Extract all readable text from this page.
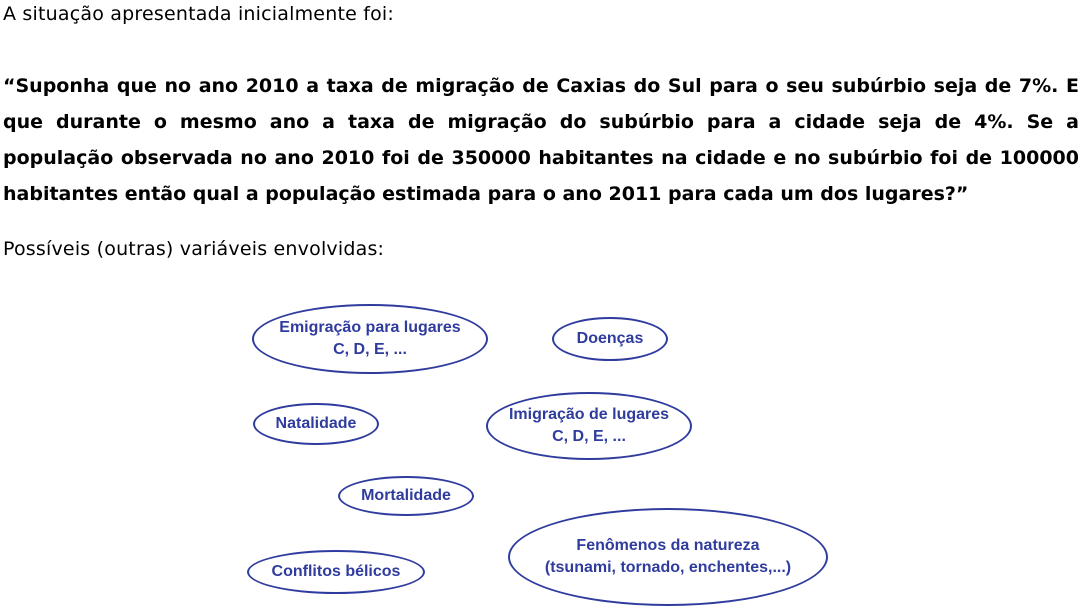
A situação apresentada inicialmente foi:
“Suponha que no ano 2010 a taxa de migração de Caxias do Sul para o seu subúrbio seja de 7%. E que durante o mesmo ano a taxa de migração do subúrbio para a cidade seja de 4%. Se a população observada no ano 2010 foi de 350000 habitantes na cidade e no subúrbio foi de 100000 habitantes então qual a população estimada para o ano 2011 para cada um dos lugares?”
Possíveis (outras) variáveis envolvidas:
Emigração para lugares
C, D, E, ...
Doenças
Natalidade
Imigração de lugares
C, D, E, ...
Mortalidade
Fenômenos da natureza
(tsunami, tornado, enchentes,...)
Conflitos bélicos
